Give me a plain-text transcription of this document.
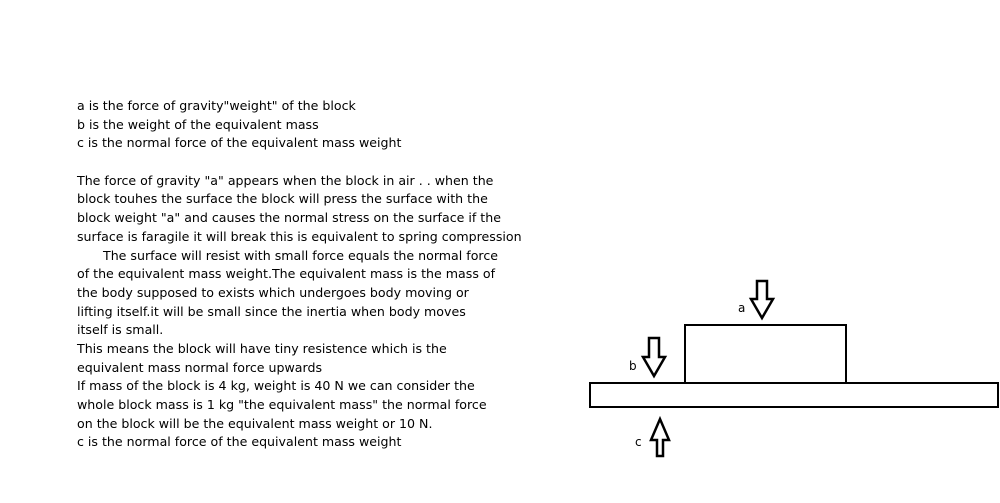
a is the force of gravity"weight" of the block
b is the weight of the equivalent mass
c is the normal force of the equivalent mass weight
The force of gravity "a" appears when the block in air . . when the
block touhes the surface the block will press the surface with the
block weight "a" and causes the normal stress on the surface if the
surface is faragile it will break this is equivalent to spring compression
The surface will resist with small force equals the normal force
of the equivalent mass weight.The equivalent mass is the mass of
the body supposed to exists which undergoes body moving or
lifting itself.it will be small since the inertia when body moves
itself is small.
This means the block will have tiny resistence which is the
equivalent mass normal force upwards
If mass of the block is 4 kg, weight is 40 N we can consider the
whole block mass is 1 kg "the equivalent mass" the normal force
on the block will be the equivalent mass weight or 10 N.
c is the normal force of the equivalent mass weight
a
b
c
